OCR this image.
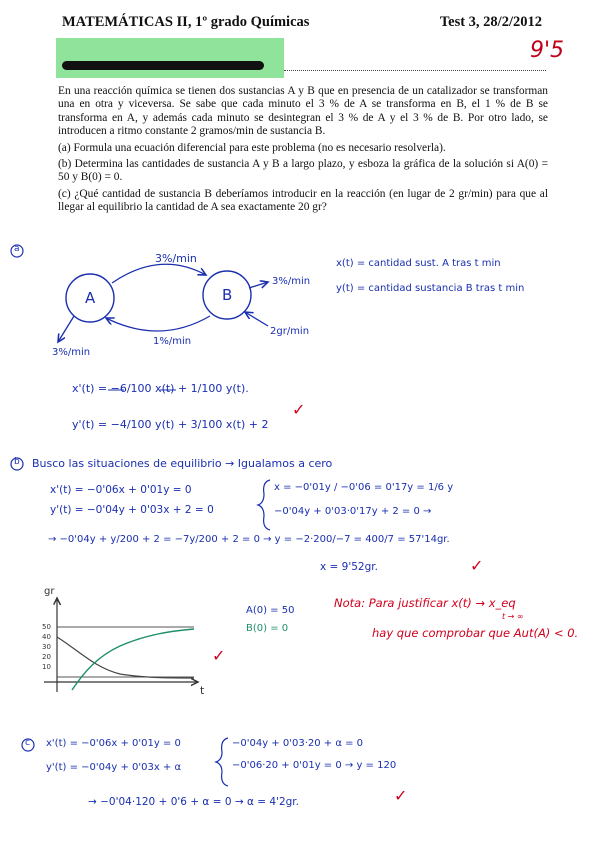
MATEMÁTICAS II, 1º grado Químicas	Test 3, 28/2/2012
9'5

En una reacción química se tienen dos sustancias A y B que en presencia de un catalizador se transforman una en otra y viceversa. Se sabe que cada minuto el 3 % de A se transforma en B, el 1 % de B se transforma en A, y además cada minuto se desintegran el 3 % de A y el 3 % de B. Por otro lado, se introducen a ritmo constante 2 gramos/min de sustancia B.

(a) Formula una ecuación diferencial para este problema (no es necesario resolverla).

(b) Determina las cantidades de sustancia A y B a largo plazo, y esboza la gráfica de la solución si A(0) = 50 y B(0) = 0.

(c) ¿Qué cantidad de sustancia B deberíamos introducir en la reacción (en lugar de 2 gr/min) para que al llegar al equilibrio la cantidad de A sea exactamente 20 gr?

a
A	B
3%/min
3%/min
2gr/min
1%/min
3%/min
x(t) = cantidad sust. A tras t min
y(t) = cantidad sustancia B tras t min
x'(t) = −6/100 x(t) + 1/100 y(t).
y'(t) = −4/100 y(t) + 3/100 x(t) + 2
✓
b Busco las situaciones de equilibrio → Igualamos a cero
x'(t) = −0'06x + 0'01y = 0
y'(t) = −0'04y + 0'03x + 2 = 0
x = −0'01y / −0'06 = 0'17y = 1/6 y
−0'04y + 0'03·0'17y + 2 = 0 →
→ −0'04y + y/200 + 2 = −7y/200 + 2 = 0 → y = −2·200/−7 = 400/7 = 57'14gr.
x = 9'52gr.	✓
gr
t
50
40
30
20
10
A(0) = 50
B(0) = 0
✓
Nota: Para justificar x(t) → x_eq
t → ∞
hay que comprobar que Aut(A) < 0.
c x'(t) = −0'06x + 0'01y = 0
y'(t) = −0'04y + 0'03x + α
−0'04y + 0'03·20 + α = 0
−0'06·20 + 0'01y = 0 → y = 120
→ −0'04·120 + 0'6 + α = 0 → α = 4'2gr.	✓
